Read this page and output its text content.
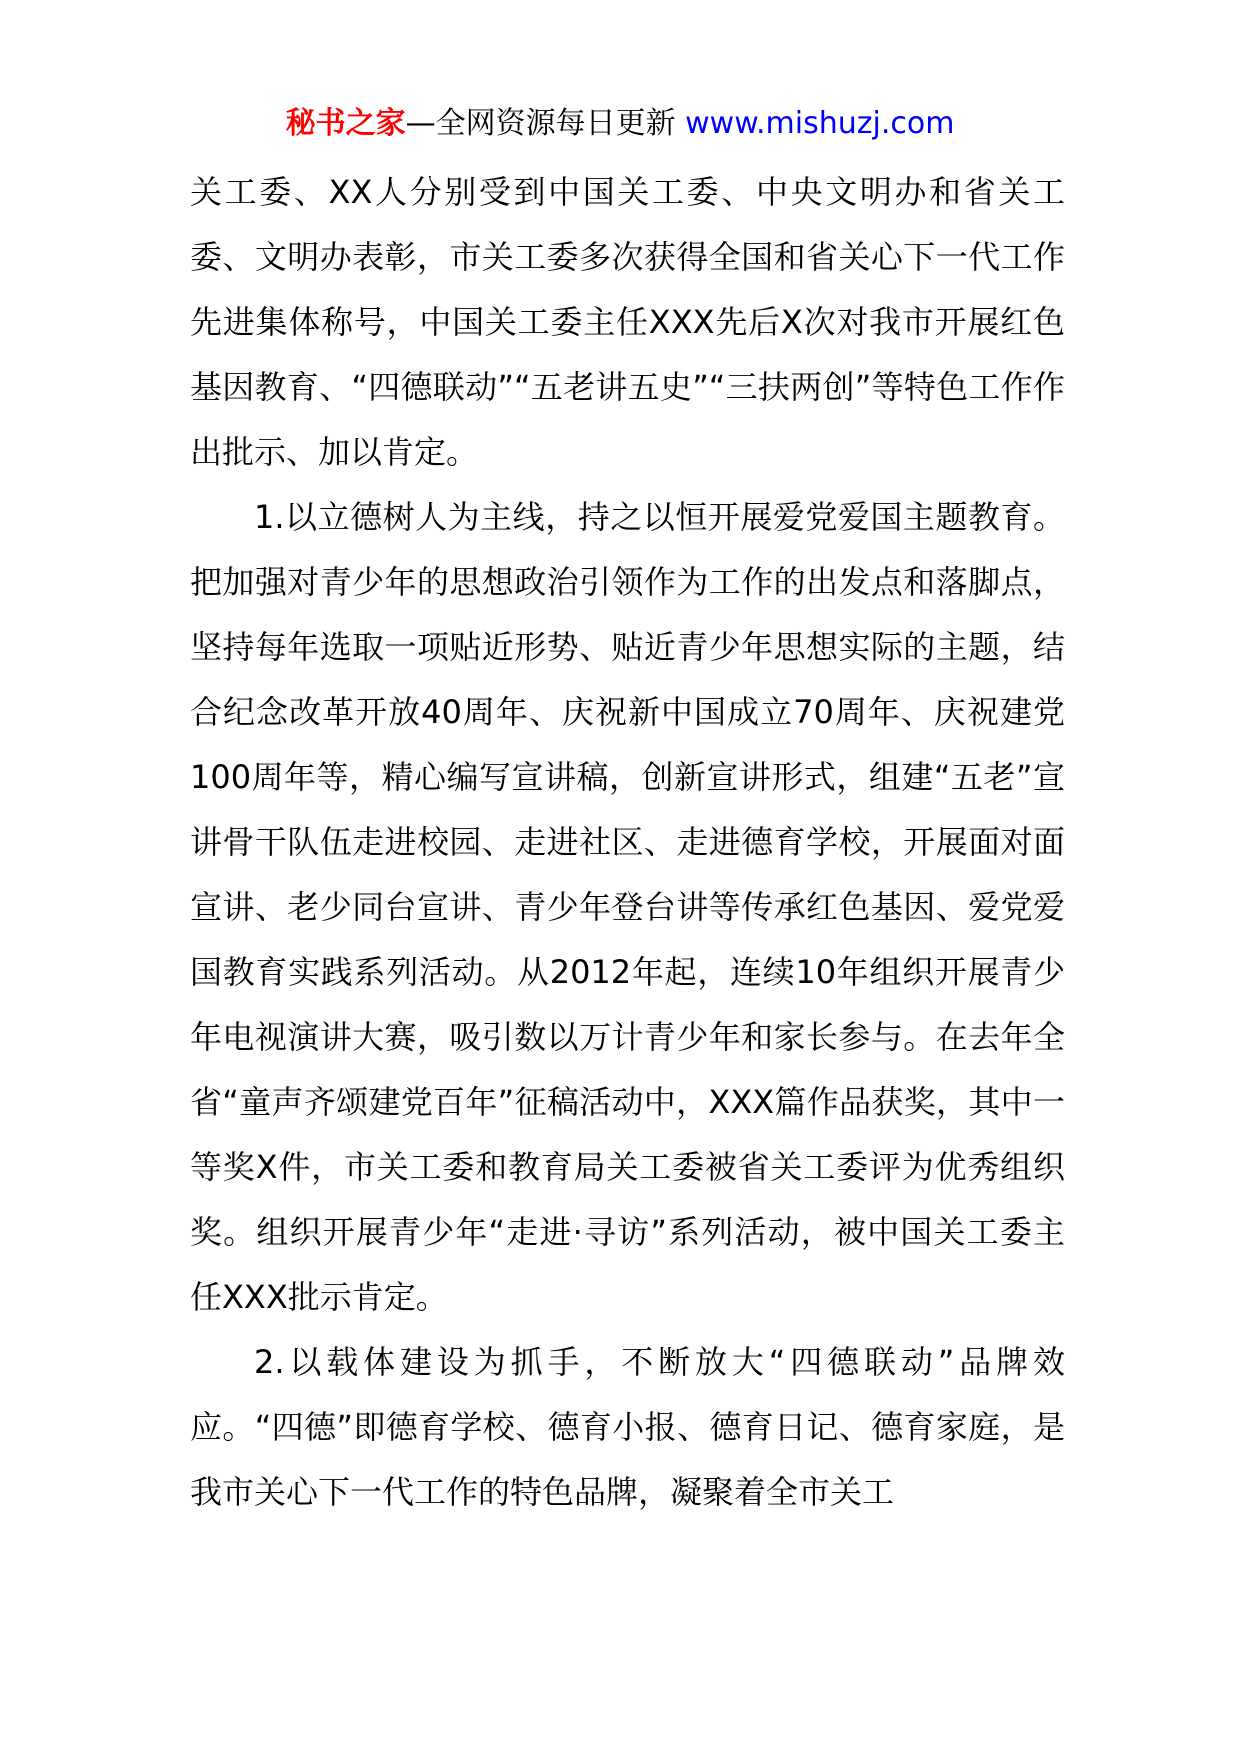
秘书之家—全网资源每日更新 www.mishuzj.com

关工委、XX人分别受到中国关工委、中央文明办和省关工委、文明办表彰，市关工委多次获得全国和省关心下一代工作先进集体称号，中国关工委主任XXX先后X次对我市开展红色基因教育、“四德联动”“五老讲五史”“三扶两创”等特色工作作出批示、加以肯定。

1.以立德树人为主线，持之以恒开展爱党爱国主题教育。把加强对青少年的思想政治引领作为工作的出发点和落脚点，坚持每年选取一项贴近形势、贴近青少年思想实际的主题，结合纪念改革开放40周年、庆祝新中国成立70周年、庆祝建党100周年等，精心编写宣讲稿，创新宣讲形式，组建“五老”宣讲骨干队伍走进校园、走进社区、走进德育学校，开展面对面宣讲、老少同台宣讲、青少年登台讲等传承红色基因、爱党爱国教育实践系列活动。从2012年起，连续10年组织开展青少年电视演讲大赛，吸引数以万计青少年和家长参与。在去年全省“童声齐颂建党百年”征稿活动中，XXX篇作品获奖，其中一等奖X件，市关工委和教育局关工委被省关工委评为优秀组织奖。组织开展青少年“走进·寻访”系列活动，被中国关工委主任XXX批示肯定。

2.以载体建设为抓手，不断放大“四德联动”品牌效应。“四德”即德育学校、德育小报、德育日记、德育家庭，是我市关心下一代工作的特色品牌，凝聚着全市关工
